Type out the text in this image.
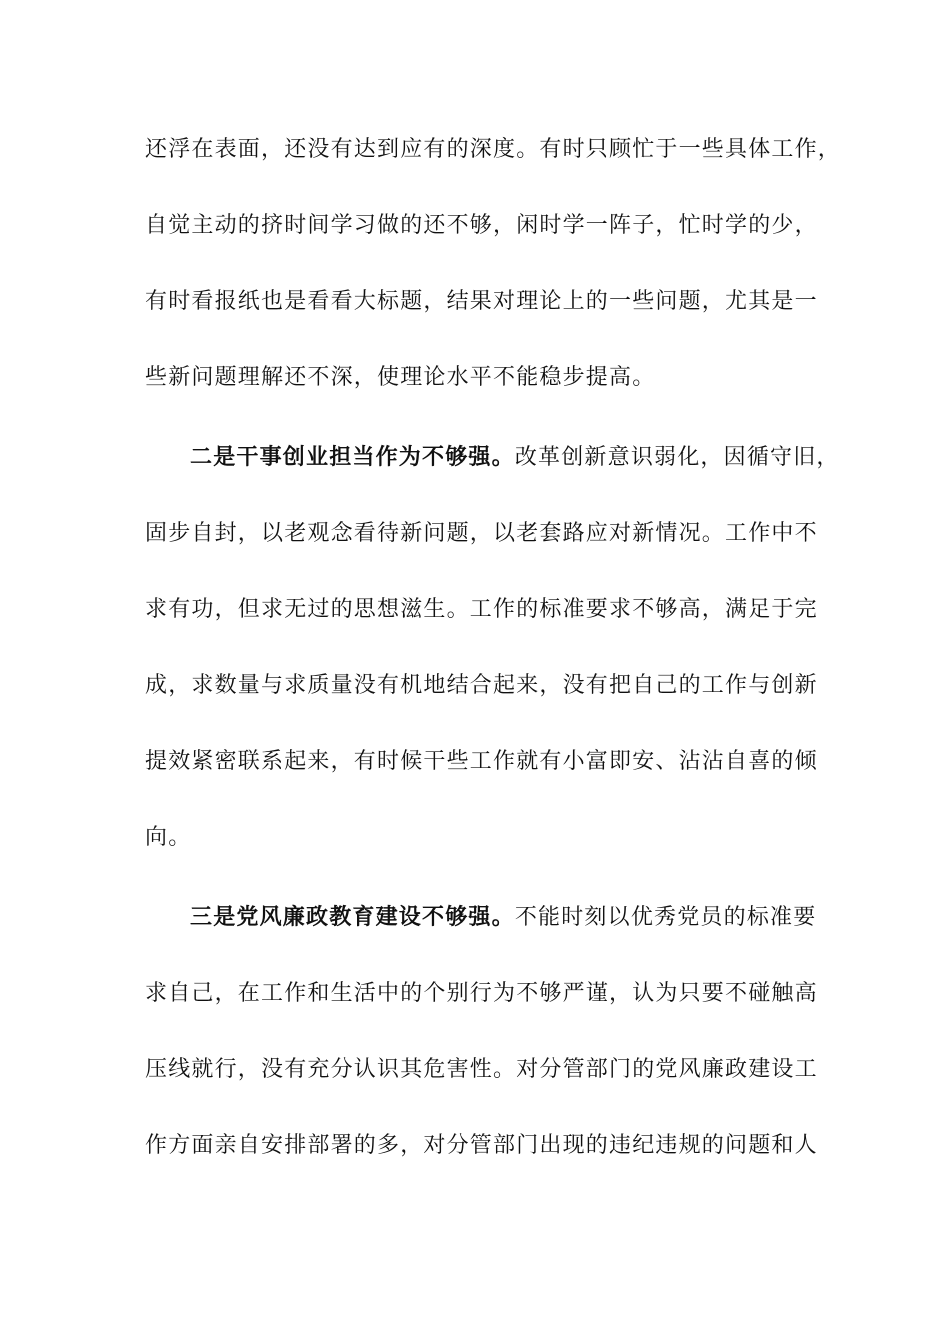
还浮在表面，还没有达到应有的深度。有时只顾忙于一些具体工作，
自觉主动的挤时间学习做的还不够，闲时学一阵子，忙时学的少，
有时看报纸也是看看大标题，结果对理论上的一些问题，尤其是一
些新问题理解还不深，使理论水平不能稳步提高。
二是干事创业担当作为不够强。改革创新意识弱化，因循守旧，
固步自封，以老观念看待新问题，以老套路应对新情况。工作中不
求有功，但求无过的思想滋生。工作的标准要求不够高，满足于完
成，求数量与求质量没有机地结合起来，没有把自己的工作与创新
提效紧密联系起来，有时候干些工作就有小富即安、沾沾自喜的倾
向。
三是党风廉政教育建设不够强。不能时刻以优秀党员的标准要
求自己，在工作和生活中的个别行为不够严谨，认为只要不碰触高
压线就行，没有充分认识其危害性。对分管部门的党风廉政建设工
作方面亲自安排部署的多，对分管部门出现的违纪违规的问题和人
